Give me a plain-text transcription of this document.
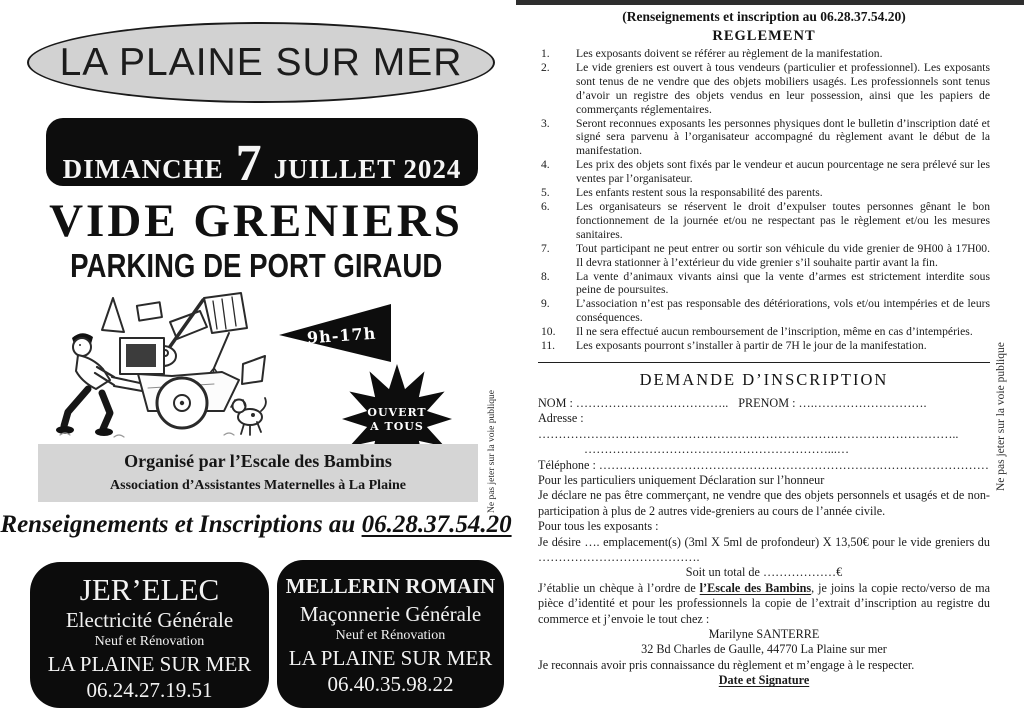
LA PLAINE SUR MER
DIMANCHE 7 JUILLET 2024
VIDE GRENIERS
PARKING DE PORT GIRAUD
9h-17h
OUVERT
A TOUS
Organisé par l’Escale des Bambins
Association d’Assistantes Maternelles à La Plaine
Renseignements et Inscriptions au 06.28.37.54.20
JER’ELEC
Electricité Générale
Neuf et Rénovation
LA PLAINE SUR MER
06.24.27.19.51
MELLERIN ROMAIN
Maçonnerie Générale
Neuf et Rénovation
LA PLAINE SUR MER
06.40.35.98.22
Ne pas jeter sur la voie publique
(Renseignements et inscription au 06.28.37.54.20)
REGLEMENT
1. Les exposants doivent se référer au règlement de la manifestation.
2. Le vide greniers est ouvert à tous vendeurs (particulier et professionnel). Les exposants sont tenus de ne vendre que des objets mobiliers usagés. Les professionnels sont tenus d’avoir un registre des objets vendus en leur possession, ainsi que les papiers de commerçants réglementaires.
3. Seront reconnues exposants les personnes physiques dont le bulletin d’inscription daté et signé sera parvenu à l’organisateur accompagné du règlement avant le début de la manifestation.
4. Les prix des objets sont fixés par le vendeur et aucun pourcentage ne sera prélevé sur les ventes par l’organisateur.
5. Les enfants restent sous la responsabilité des parents.
6. Les organisateurs se réservent le droit d’expulser toutes personnes gênant le bon fonctionnement de la journée et/ou ne respectant pas le règlement et/ou les mesures sanitaires.
7. Tout participant ne peut entrer ou sortir son véhicule du vide grenier de 9H00 à 17H00. Il devra stationner à l’extérieur du vide grenier s’il souhaite partir avant la fin.
8. La vente d’animaux vivants ainsi que la vente d’armes est strictement interdite sous peine de poursuites.
9. L’association n’est pas responsable des détériorations, vols et/ou intempéries et de leurs conséquences.
10. Il ne sera effectué aucun remboursement de l’inscription, même en cas d’intempéries.
11. Les exposants pourront s’installer à partir de 7H le jour de la manifestation.
DEMANDE D’INSCRIPTION

NOM : ……………………………….. PRENOM : ….……………………….

Adresse : …………………………………………………………………………………………..

……………………………………………………...…

Téléphone : ……………………………………………………………………………………

Pour les particuliers uniquement Déclaration sur l’honneur

Je déclare ne pas être commerçant, ne vendre que des objets personnels et usagés et de non-participation à plus de 2 autres vide-greniers au cours de l’année civile.

Pour tous les exposants :

Je désire …. emplacement(s) (3ml X 5ml de profondeur) X 13,50€ pour le vide greniers du ………………………………….

Soit un total de ………………€

J’établie un chèque à l’ordre de l’Escale des Bambins, je joins la copie recto/verso de ma pièce d’identité et pour les professionnels la copie de l’extrait d’inscription au registre du commerce et j’envoie le tout chez :

Marilyne SANTERRE

32 Bd Charles de Gaulle, 44770 La Plaine sur mer

Je reconnais avoir pris connaissance du règlement et m’engage à le respecter.

Date et Signature

Ne pas jeter sur la voie publique
